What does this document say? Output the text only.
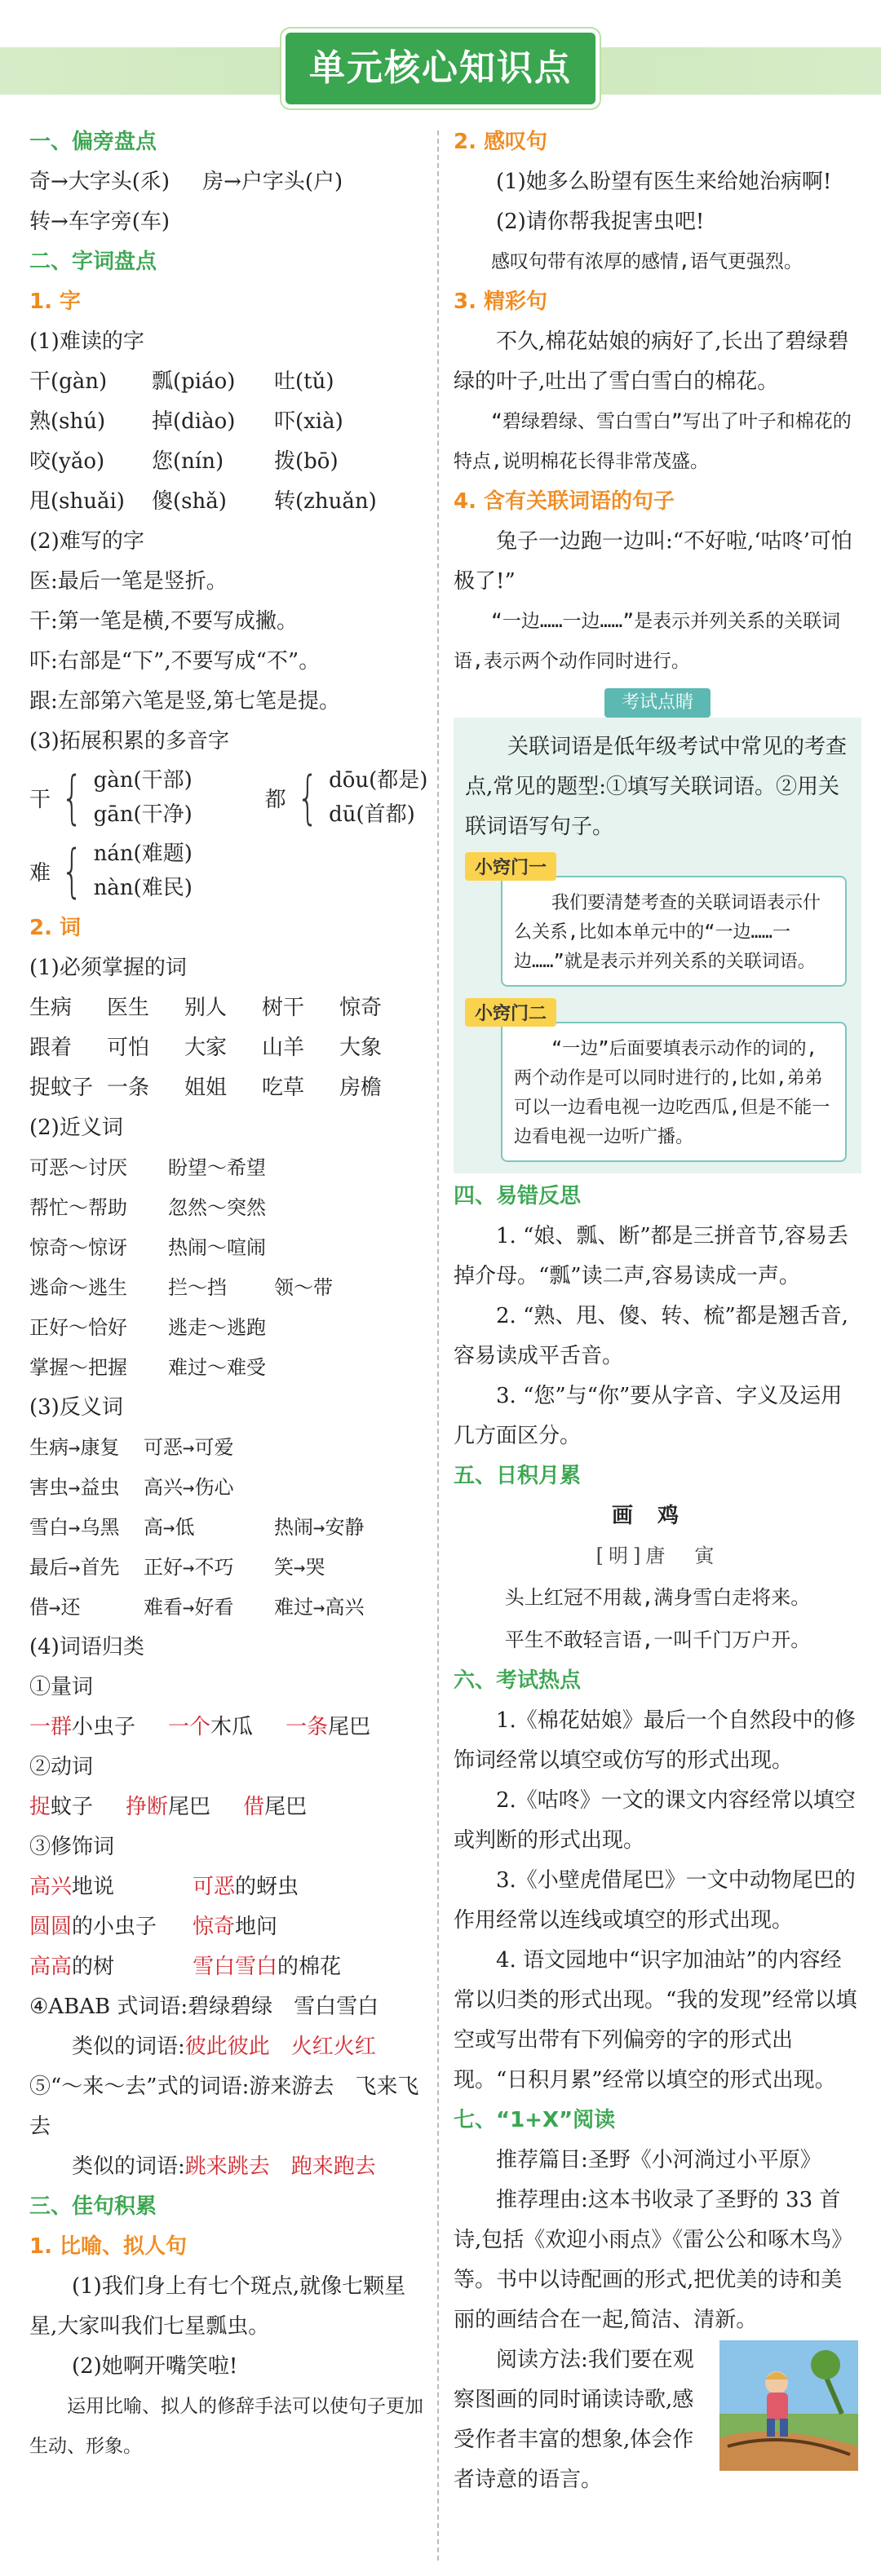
单元核心知识点
一、偏旁盘点
奇→大字头(乑) 房→户字头(户)
转→车字旁(车)
二、字词盘点
1. 字
(1)难读的字
干(gàn)	瓢(piáo)	吐(tǔ)
熟(shú)	掉(diào)	吓(xià)
咬(yǎo)	您(nín)	拨(bō)
甩(shuǎi)	傻(shǎ)	转(zhuǎn)
(2)难写的字
医:最后一笔是竖折。
干:第一笔是横,不要写成撇。
吓:右部是“下”,不要写成“不”。
跟:左部第六笔是竖,第七笔是提。
(3)拓展积累的多音字
干 { gàn(干部)
gān(干净)
都 { dōu(都是)
dū(首都)
难 { nán(难题)
nàn(难民)
2. 词
(1)必须掌握的词
生病	医生	别人	树干	惊奇
跟着	可怕	大家	山羊	大象
捉蚊子 一条	姐姐	吃草	房檐
(2)近义词
可恶～讨厌	盼望～希望
帮忙～帮助	忽然～突然
惊奇～惊讶	热闹～喧闹
逃命～逃生	拦～挡	领～带
正好～恰好	逃走～逃跑
掌握～把握	难过～难受
(3)反义词
生病→康复	可恶→可爱
害虫→益虫	高兴→伤心
雪白→乌黑	高→低	热闹→安静
最后→首先	正好→不巧	笑→哭
借→还	难看→好看	难过→高兴
(4)词语归类
①量词
一群小虫子 一个木瓜 一条尾巴
②动词
捉蚊子 挣断尾巴 借尾巴
③修饰词
高兴地说	可恶的蚜虫
圆圆的小虫子	惊奇地问
高高的树	雪白雪白的棉花
④ABAB 式词语:碧绿碧绿　雪白雪白
类似的词语:彼此彼此　火红火红
⑤“～来～去”式的词语:游来游去　飞来飞去
类似的词语:跳来跳去　跑来跑去
三、佳句积累
1. 比喻、拟人句
(1)我们身上有七个斑点,就像七颗星星,大家叫我们七星瓢虫。
(2)她啊开嘴笑啦!
运用比喻、拟人的修辞手法可以使句子更加生动、形象。
2. 感叹句
(1)她多么盼望有医生来给她治病啊!
(2)请你帮我捉害虫吧!
感叹句带有浓厚的感情,语气更强烈。
3. 精彩句
不久,棉花姑娘的病好了,长出了碧绿碧绿的叶子,吐出了雪白雪白的棉花。
“碧绿碧绿、雪白雪白”写出了叶子和棉花的特点,说明棉花长得非常茂盛。
4. 含有关联词语的句子
兔子一边跑一边叫:“不好啦,‘咕咚’可怕极了!”
“一边……一边……”是表示并列关系的关联词语,表示两个动作同时进行。
考试点睛
关联词语是低年级考试中常见的考查点,常见的题型:①填写关联词语。②用关联词语写句子。
小窍门一
我们要清楚考查的关联词语表示什么关系,比如本单元中的“一边……一边……”就是表示并列关系的关联词语。
小窍门二
“一边”后面要填表示动作的词的,两个动作是可以同时进行的,比如,弟弟可以一边看电视一边吃西瓜,但是不能一边看电视一边听广播。
四、易错反思
1. “娘、瓢、断”都是三拼音节,容易丢掉介母。“瓢”读二声,容易读成一声。
2. “熟、甩、傻、转、梳”都是翘舌音,容易读成平舌音。
3. “您”与“你”要从字音、字义及运用几方面区分。
五、日积月累
画鸡
[明]唐　寅
头上红冠不用裁,满身雪白走将来。
平生不敢轻言语,一叫千门万户开。
六、考试热点
1.《棉花姑娘》最后一个自然段中的修饰词经常以填空或仿写的形式出现。
2.《咕咚》一文的课文内容经常以填空或判断的形式出现。
3.《小壁虎借尾巴》一文中动物尾巴的作用经常以连线或填空的形式出现。
4. 语文园地中“识字加油站”的内容经常以归类的形式出现。“我的发现”经常以填空或写出带有下列偏旁的字的形式出现。“日积月累”经常以填空的形式出现。
七、“1+X”阅读
推荐篇目:圣野《小河淌过小平原》
推荐理由:这本书收录了圣野的 33 首诗,包括《欢迎小雨点》《雷公公和啄木鸟》等。书中以诗配画的形式,把优美的诗和美丽的画结合在一起,简洁、清新。
阅读方法:我们要在观察图画的同时诵读诗歌,感受作者丰富的想象,体会作者诗意的语言。
